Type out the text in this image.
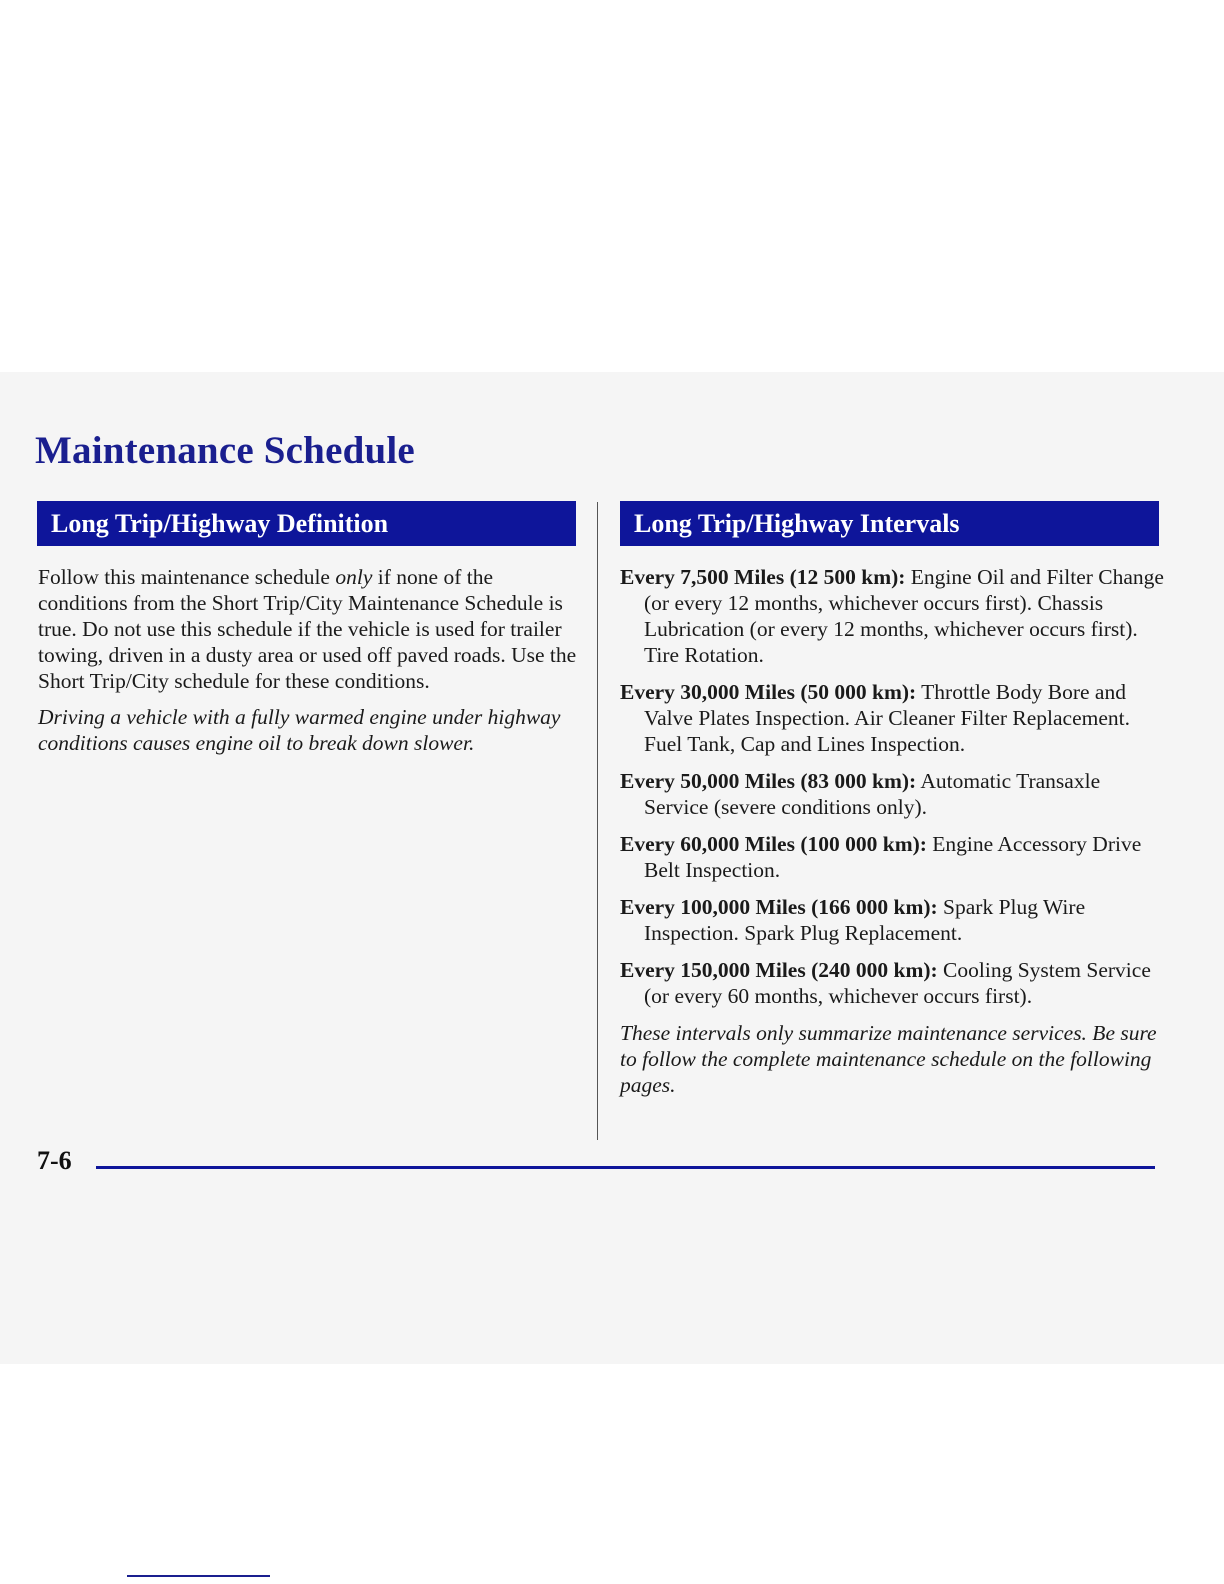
Maintenance Schedule
Long Trip/Highway Definition	Long Trip/Highway Intervals

Follow this maintenance schedule only if none of the conditions from the Short Trip/City Maintenance Schedule is true. Do not use this schedule if the vehicle is used for trailer towing, driven in a dusty area or used off paved roads. Use the Short Trip/City schedule for these conditions.

Driving a vehicle with a fully warmed engine under highway conditions causes engine oil to break down slower.

Every 7,500 Miles (12 500 km): Engine Oil and Filter Change (or every 12 months, whichever occurs first). Chassis Lubrication (or every 12 months, whichever occurs first). Tire Rotation.

Every 30,000 Miles (50 000 km): Throttle Body Bore and Valve Plates Inspection. Air Cleaner Filter Replacement. Fuel Tank, Cap and Lines Inspection.

Every 50,000 Miles (83 000 km): Automatic Transaxle Service (severe conditions only).

Every 60,000 Miles (100 000 km): Engine Accessory Drive Belt Inspection.

Every 100,000 Miles (166 000 km): Spark Plug Wire Inspection. Spark Plug Replacement.

Every 150,000 Miles (240 000 km): Cooling System Service (or every 60 months, whichever occurs first).

These intervals only summarize maintenance services. Be sure to follow the complete maintenance schedule on the following pages.

7-6
